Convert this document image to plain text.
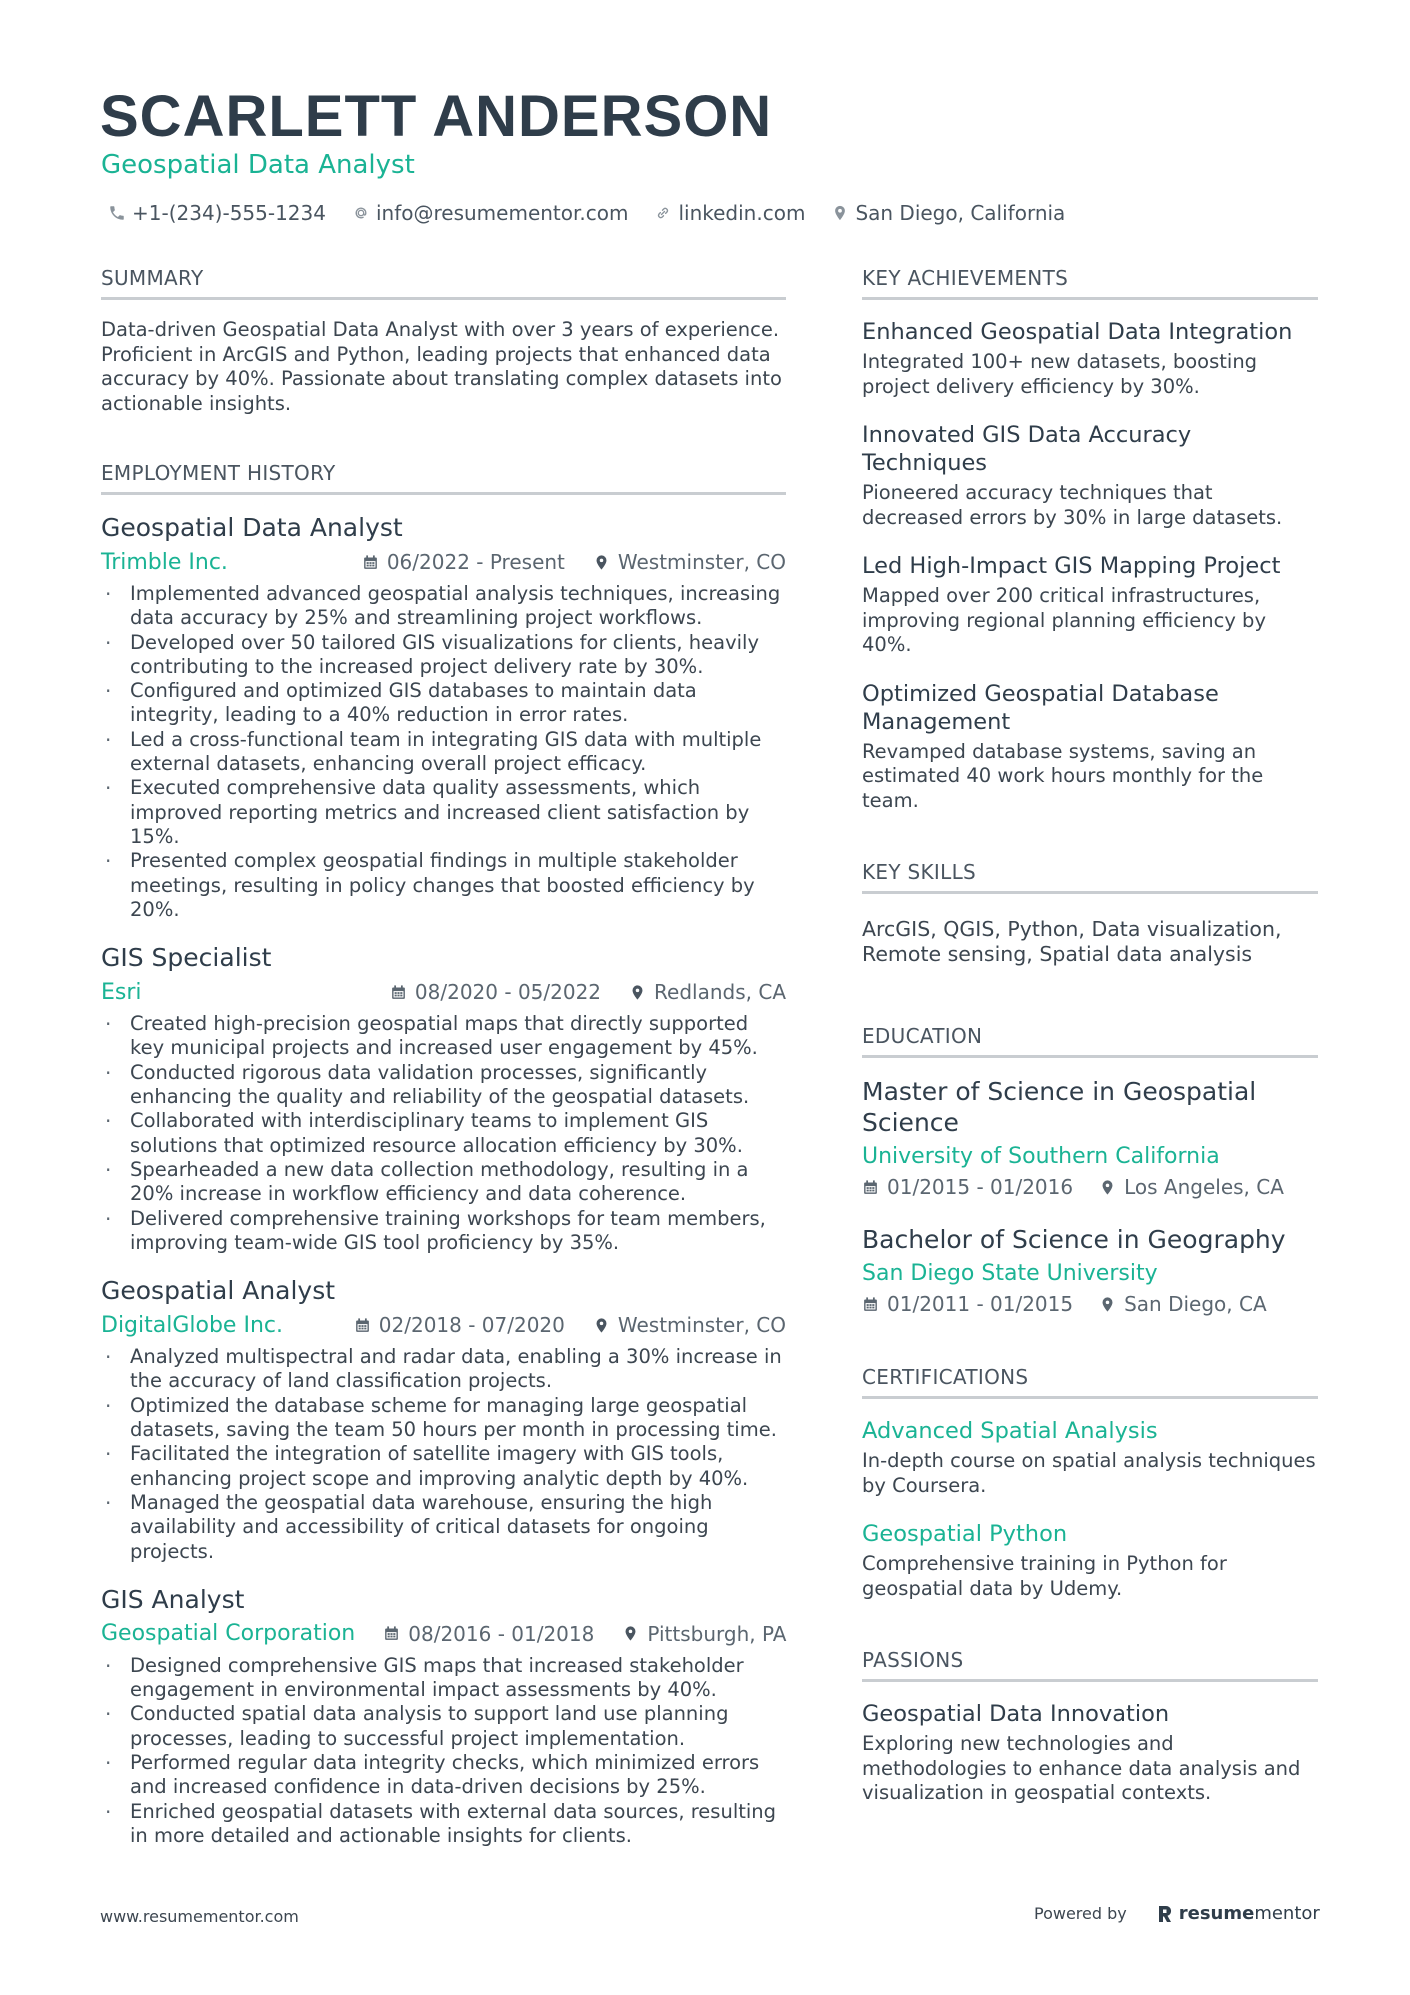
SCARLETT ANDERSON
Geospatial Data Analyst
+1-(234)-555-1234	info@resumementor.com	linkedin.com	San Diego, California
SUMMARY
Data-driven Geospatial Data Analyst with over 3 years of experience. Proficient in ArcGIS and Python, leading projects that enhanced data accuracy by 40%. Passionate about translating complex datasets into actionable insights.
EMPLOYMENT HISTORY
Geospatial Data Analyst
Trimble Inc.	06/2022 - Present	Westminster, CO
· Implemented advanced geospatial analysis techniques, increasing data accuracy by 25% and streamlining project workflows.
· Developed over 50 tailored GIS visualizations for clients, heavily contributing to the increased project delivery rate by 30%.
· Configured and optimized GIS databases to maintain data integrity, leading to a 40% reduction in error rates.
· Led a cross-functional team in integrating GIS data with multiple external datasets, enhancing overall project efficacy.
· Executed comprehensive data quality assessments, which improved reporting metrics and increased client satisfaction by 15%.
· Presented complex geospatial findings in multiple stakeholder meetings, resulting in policy changes that boosted efficiency by 20%.
GIS Specialist
Esri	08/2020 - 05/2022	Redlands, CA
· Created high-precision geospatial maps that directly supported key municipal projects and increased user engagement by 45%.
· Conducted rigorous data validation processes, significantly enhancing the quality and reliability of the geospatial datasets.
· Collaborated with interdisciplinary teams to implement GIS solutions that optimized resource allocation efficiency by 30%.
· Spearheaded a new data collection methodology, resulting in a 20% increase in workflow efficiency and data coherence.
· Delivered comprehensive training workshops for team members, improving team-wide GIS tool proficiency by 35%.
Geospatial Analyst
DigitalGlobe Inc.	02/2018 - 07/2020	Westminster, CO
· Analyzed multispectral and radar data, enabling a 30% increase in the accuracy of land classification projects.
· Optimized the database scheme for managing large geospatial datasets, saving the team 50 hours per month in processing time.
· Facilitated the integration of satellite imagery with GIS tools, enhancing project scope and improving analytic depth by 40%.
· Managed the geospatial data warehouse, ensuring the high availability and accessibility of critical datasets for ongoing projects.
GIS Analyst
Geospatial Corporation	08/2016 - 01/2018	Pittsburgh, PA
· Designed comprehensive GIS maps that increased stakeholder engagement in environmental impact assessments by 40%.
· Conducted spatial data analysis to support land use planning processes, leading to successful project implementation.
· Performed regular data integrity checks, which minimized errors and increased confidence in data-driven decisions by 25%.
· Enriched geospatial datasets with external data sources, resulting in more detailed and actionable insights for clients.
KEY ACHIEVEMENTS
Enhanced Geospatial Data Integration
Integrated 100+ new datasets, boosting project delivery efficiency by 30%.
Innovated GIS Data Accuracy Techniques
Pioneered accuracy techniques that decreased errors by 30% in large datasets.
Led High-Impact GIS Mapping Project
Mapped over 200 critical infrastructures, improving regional planning efficiency by 40%.
Optimized Geospatial Database Management
Revamped database systems, saving an estimated 40 work hours monthly for the team.
KEY SKILLS
ArcGIS, QGIS, Python, Data visualization, Remote sensing, Spatial data analysis
EDUCATION
Master of Science in Geospatial Science
University of Southern California
01/2015 - 01/2016	Los Angeles, CA
Bachelor of Science in Geography
San Diego State University
01/2011 - 01/2015	San Diego, CA
CERTIFICATIONS
Advanced Spatial Analysis
In-depth course on spatial analysis techniques by Coursera.
Geospatial Python
Comprehensive training in Python for geospatial data by Udemy.
PASSIONS
Geospatial Data Innovation
Exploring new technologies and methodologies to enhance data analysis and visualization in geospatial contexts.
www.resumementor.com	Powered by	resume mentor
